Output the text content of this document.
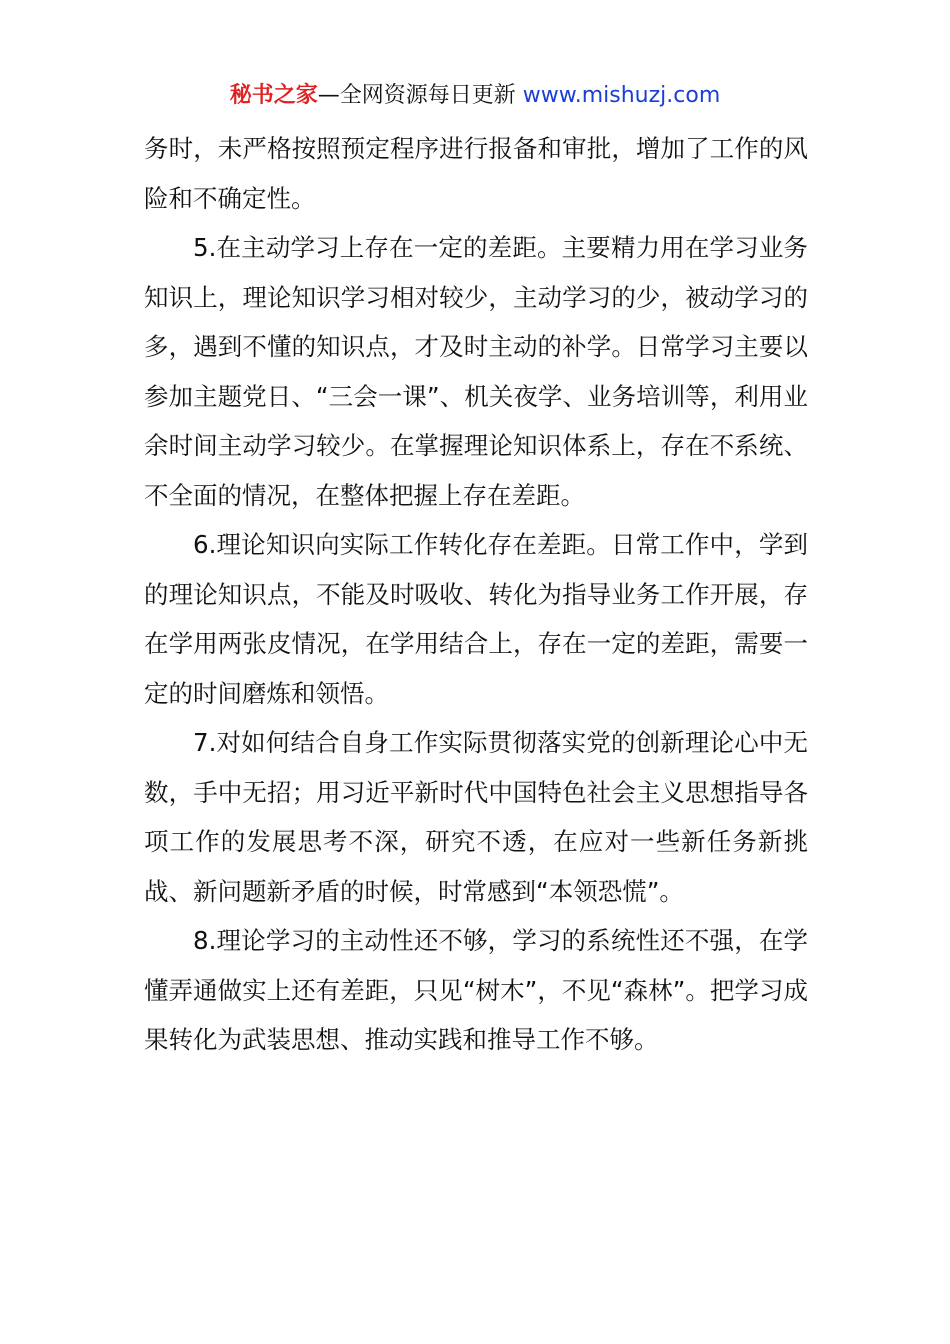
秘书之家—全网资源每日更新 www.mishuzj.com

务时，未严格按照预定程序进行报备和审批，增加了工作的风险和不确定性。

5.在主动学习上存在一定的差距。主要精力用在学习业务知识上，理论知识学习相对较少，主动学习的少，被动学习的多，遇到不懂的知识点，才及时主动的补学。日常学习主要以参加主题党日、“三会一课”、机关夜学、业务培训等，利用业余时间主动学习较少。在掌握理论知识体系上，存在不系统、不全面的情况，在整体把握上存在差距。

6.理论知识向实际工作转化存在差距。日常工作中，学到的理论知识点，不能及时吸收、转化为指导业务工作开展，存在学用两张皮情况，在学用结合上，存在一定的差距，需要一定的时间磨炼和领悟。

7.对如何结合自身工作实际贯彻落实党的创新理论心中无数，手中无招；用习近平新时代中国特色社会主义思想指导各项工作的发展思考不深，研究不透，在应对一些新任务新挑战、新问题新矛盾的时候，时常感到“本领恐慌”。

8.理论学习的主动性还不够，学习的系统性还不强，在学懂弄通做实上还有差距，只见“树木”，不见“森林”。把学习成果转化为武装思想、推动实践和推导工作不够。
